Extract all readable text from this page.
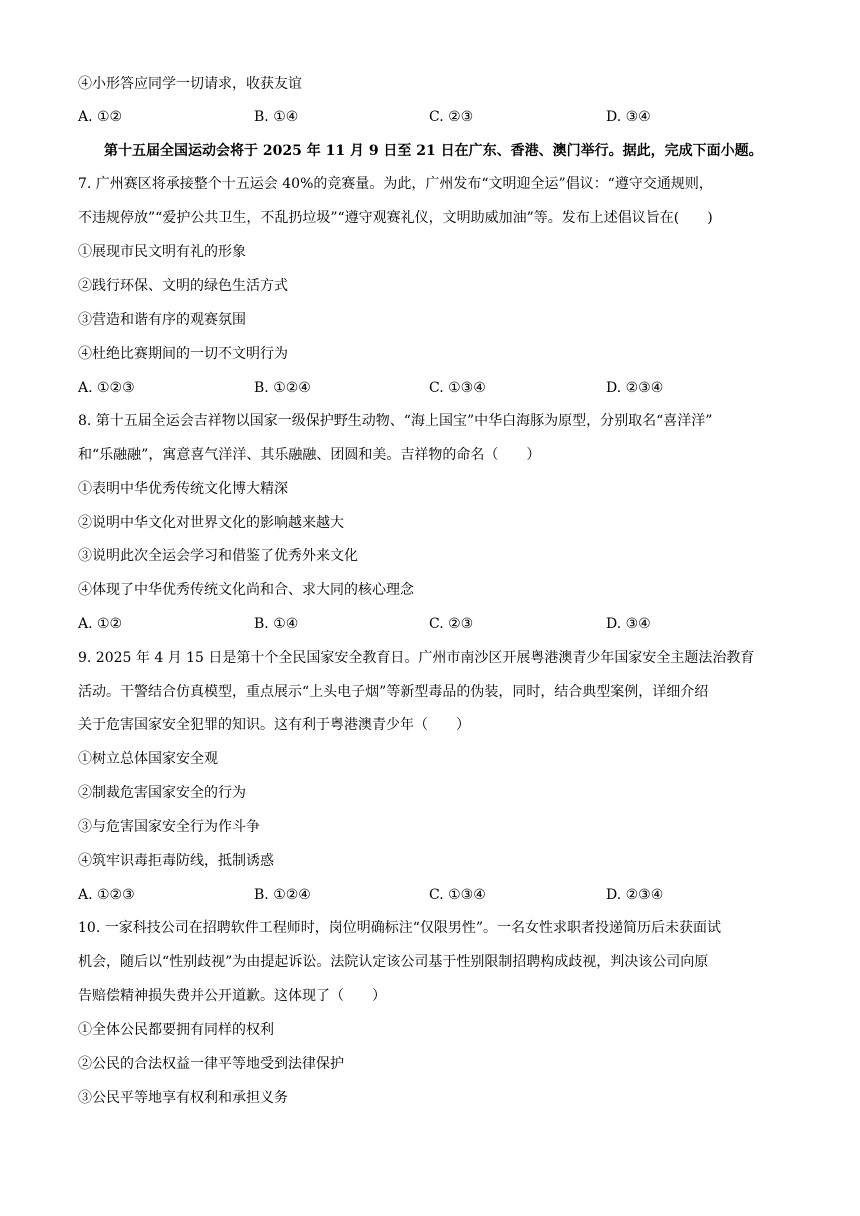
④小形答应同学一切请求，收获友谊
A. ①②	B. ①④	C. ②③	D. ③④
第十五届全国运动会将于 2025 年 11 月 9 日至 21 日在广东、香港、澳门举行。据此，完成下面小题。
7. 广州赛区将承接整个十五运会 40%的竞赛量。为此，广州发布“文明迎全运”倡议：“遵守交通规则，
不违规停放”“爱护公共卫生，不乱扔垃圾”“遵守观赛礼仪，文明助威加油”等。发布上述倡议旨在(　　)
①展现市民文明有礼的形象
②践行环保、文明的绿色生活方式
③营造和谐有序的观赛氛围
④杜绝比赛期间的一切不文明行为
A. ①②③	B. ①②④	C. ①③④	D. ②③④
8. 第十五届全运会吉祥物以国家一级保护野生动物、“海上国宝”中华白海豚为原型，分别取名“喜洋洋”
和“乐融融”，寓意喜气洋洋、其乐融融、团圆和美。吉祥物的命名（　　）
①表明中华优秀传统文化博大精深
②说明中华文化对世界文化的影响越来越大
③说明此次全运会学习和借鉴了优秀外来文化
④体现了中华优秀传统文化尚和合、求大同的核心理念
A. ①②	B. ①④	C. ②③	D. ③④
9. 2025 年 4 月 15 日是第十个全民国家安全教育日。广州市南沙区开展粤港澳青少年国家安全主题法治教育
活动。干警结合仿真模型，重点展示“上头电子烟”等新型毒品的伪装，同时，结合典型案例，详细介绍
关于危害国家安全犯罪的知识。这有利于粤港澳青少年（　　）
①树立总体国家安全观
②制裁危害国家安全的行为
③与危害国家安全行为作斗争
④筑牢识毒拒毒防线，抵制诱惑
A. ①②③	B. ①②④	C. ①③④	D. ②③④
10. 一家科技公司在招聘软件工程师时，岗位明确标注“仅限男性”。一名女性求职者投递简历后未获面试
机会，随后以“性别歧视”为由提起诉讼。法院认定该公司基于性别限制招聘构成歧视，判决该公司向原
告赔偿精神损失费并公开道歉。这体现了（　　）
①全体公民都要拥有同样的权利
②公民的合法权益一律平等地受到法律保护
③公民平等地享有权利和承担义务
